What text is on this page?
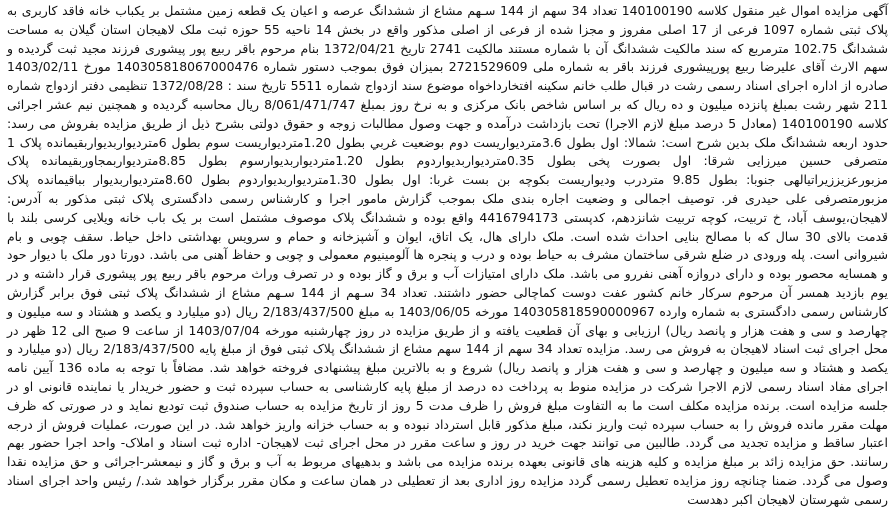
آگهی مزایده اموال غیر منقول کلاسه 140100190 تعداد 34 سهم از 144 سـهم مشاع از ششدانگ عرصه و اعیان یک قطعه زمین مشتمل بر یکباب خانه فاقد کاربری به پلاک ثبتی شماره 1097 فرعی از 17 اصلی مفروز و مجزا شده از فرعی از اصلی مذکور واقع در بخش 14 ناحیه 55 حوزه ثبت ملک لاهیجان استان گیلان به مساحت ششدانگ 102.75 مترمربع که سند مالکیت ششدانگ آن با شماره مستند مالکیت 2741 تاریخ 1372/04/21 بنام مرحوم باقر ربیع پور پیشوری فرزند مجید ثبت گردیده و سهم الارث آقای علیرضا ربیع پورپیشوری فرزند باقر به شماره ملی 2721529609 بمیزان فوق بموجب دستور شماره 140305818067000476 مورخ 1403/02/11 صادره از اداره اجرای اسناد رسمی رشت در قبال طلب خانم سکینه افتخارداخواه موضوع سند ازدواج شماره 5511 تاریخ سند : 1372/08/28 تنظیمی دفتر ازدواج شماره 211 شهر رشت بمبلغ پانزده میلیون و ده ریال که بر اساس شاخص بانک مرکزی و به نرخ روز بمبلغ 8/061/471/747 ریال محاسبه گردیده و همچنین نیم عشر اجرائی کلاسه 140100190 (معادل 5 درصد مبلغ لازم الاجرا) تحت بازداشت درآمده و جهت وصول مطالبات زوجه و حقوق دولتی بشرح ذیل از طریق مزایده بفروش می رسد: حدود اربعه ششدانگ ملک بدین شرح است: شمالا: اول بطول 3.6مترديواريست دوم بوضعيت غربي بطول 1.20مترديواريست سوم بطول 6متردیوار‌بدیواربقیمانده پلاک 1 متصرفی حسین میرزایی شرقا: اول بصورت پخی بطول 0.35متردیواربدیواردوم بطول 1.20متردیواربدیوارسوم بطول 8.85متردیواربمجاوربقیمانده پلاک مزبورعزیززیراتیالهی جنوبا: بطول 9.85 متردرب ودیواریست بکوچه بن بست غربا: اول بطول 1.30متردیواربدیواردوم بطول 8.60متردیواربدیوار بباقیمانده پلاک مزبورمتصرفی علی حیدری فر. توصیف اجمالی و وضعیت اجاره بندی ملک بموجب گزارش مامور اجرا و کارشناس رسمی دادگستری پلاک ثبتی مذکور به آدرس: لاهیجان،یوسف آباد، خ تربیت، کوچه تربیت شانزدهم، کدپستی 4416794173 واقع بوده و ششدانگ پلاک موصوف مشتمل است بر یک باب خانه ویلایی کرسی بلند با قدمت بالای 30 سال که با مصالح بنایی احداث شده است. ملک دارای هال، یک اتاق، ایوان و آشپزخانه و حمام و سرویس بهداشتی داخل حیاط. سقف چوبی و بام شیروانی است. پله ورودی در ضلع شرقی ساختمان مشرف به حیاط بوده و درب و پنجره ها آلومینیوم معمولی و چوبی و حفاظ آهنی می باشد. دورتا دور ملک با دیوار حود و همسایه محصور بوده و دارای دروازه آهنی نفررو می باشد. ملک دارای امتیازات آب و برق و گاز بوده و در تصرف وراث مرحوم باقر ربیع پور پیشوری قرار داشته و در یوم بازدید همسر آن مرحوم سرکار خانم کشور عفت دوست کماچالی حضور داشتند. تعداد 34 سـهم از 144 سـهم مشاع از ششدانگ پلاک ثبتی فوق برابر گزارش کارشناس رسمی دادگستری به شماره وارده 140305818590000967 مورخه 1403/06/05 به مبلغ 2/183/437/500 ریال (دو میلیارد و یکصد و هشتاد و سه میلیون و چهارصد و سی و هفت هزار و پانصد ریال) ارزیابی و بهای آن قطعیت یافته و از طریق مزایده در روز چهارشنبه مورخه 1403/07/04 از ساعت 9 صبح الی 12 ظهر در محل اجرای ثبت اسناد لاهیجان به فروش می رسد. مزایده تعداد 34 سهم از 144 سهم مشاع از ششدانگ پلاک ثبتی فوق از مبلغ پایه 2/183/437/500 ریال (دو میلیارد و یکصد و هشتاد و سه میلیون و چهارصد و سی و هفت هزار و پانصد ریال) شروع و به بالاترین مبلغ پیشنهادی فروخته خواهد شد. مضافاً با توجه به ماده 136 آیین نامه اجرای مفاد اسناد رسمی لازم الاجرا شرکت در مزایده منوط به پرداخت ده درصد از مبلغ پایه کارشناسی به حساب سپرده ثبت و حضور خریدار یا نماینده قانونی او در جلسه مزایده است. برنده مزایده مکلف است ما به التفاوت مبلغ فروش را ظرف مدت 5 روز از تاریخ مزایده به حساب صندوق ثبت تودیع نماید و در صورتی که ظرف مهلت مقرر مانده فروش را به حساب سپرده ثبت واریز نکند، مبلغ مذکور قابل استرداد نبوده و به حساب خزانه واریز خواهد شد. در این صورت، عملیات فروش از درجه اعتبار ساقط و مزایده تجدید می گردد. طالبین می توانند جهت خرید در روز و ساعت مقرر در محل اجرای ثبت لاهیجان- اداره ثبت اسناد و املاک- واحد اجرا حضور بهم رسانند. حق مزایده زائد بر مبلغ مزایده و کلیه هزینه های قانونی بعهده برنده مزایده می باشد و بدهیهای مربوط به آب و برق و گاز و نیمعشر-اجرائی و حق مزایده نقدا وصول می گردد. ضمنا چنانچه روز مزایده تعطیل رسمی گردد مزایده روز اداری بعد از تعطیلی در همان ساعت و مکان مقرر برگزار خواهد شد./ رئیس واحد اجرای اسناد رسمی شهرستان لاهیجان اکبر دهدست
